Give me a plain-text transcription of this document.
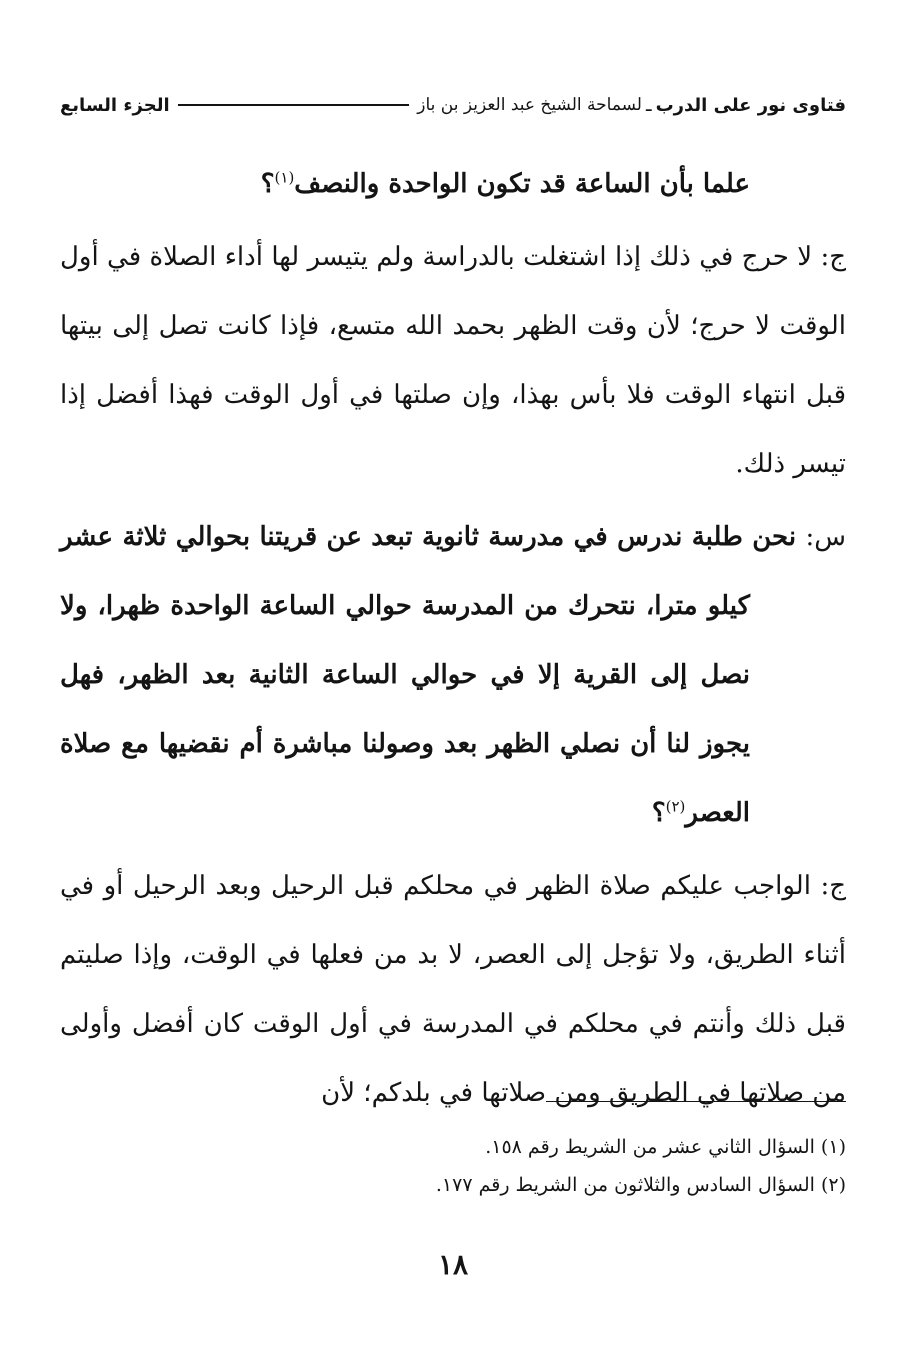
فتاوى نور على الدرب
ـ
لسماحة الشيخ عبد العزيز بن باز
الجزء السابع

علما بأن الساعة قد تكون الواحدة والنصف$^{(١)}$؟

ج: لا حرج في ذلك إذا اشتغلت بالدراسة ولم يتيسر لها أداء الصلاة في أول الوقت لا حرج؛ لأن وقت الظهر بحمد الله متسع، فإذا كانت تصل إلى بيتها قبل انتهاء الوقت فلا بأس بهذا، وإن صلتها في أول الوقت فهذا أفضل إذا تيسر ذلك.

س: نحن طلبة ندرس في مدرسة ثانوية تبعد عن قريتنا بحوالي ثلاثة عشر كيلو مترا، نتحرك من المدرسة حوالي الساعة الواحدة ظهرا، ولا نصل إلى القرية إلا في حوالي الساعة الثانية بعد الظهر، فهل يجوز لنا أن نصلي الظهر بعد وصولنا مباشرة أم نقضيها مع صلاة العصر$^{(٢)}$؟

ج: الواجب عليكم صلاة الظهر في محلكم قبل الرحيل وبعد الرحيل أو في أثناء الطريق، ولا تؤجل إلى العصر، لا بد من فعلها في الوقت، وإذا صليتم قبل ذلك وأنتم في محلكم في المدرسة في أول الوقت كان أفضل وأولى من صلاتها في الطريق ومن صلاتها في بلدكم؛ لأن

(١) السؤال الثاني عشر من الشريط رقم ١٥٨.

(٢) السؤال السادس والثلاثون من الشريط رقم ١٧٧.

١٨
